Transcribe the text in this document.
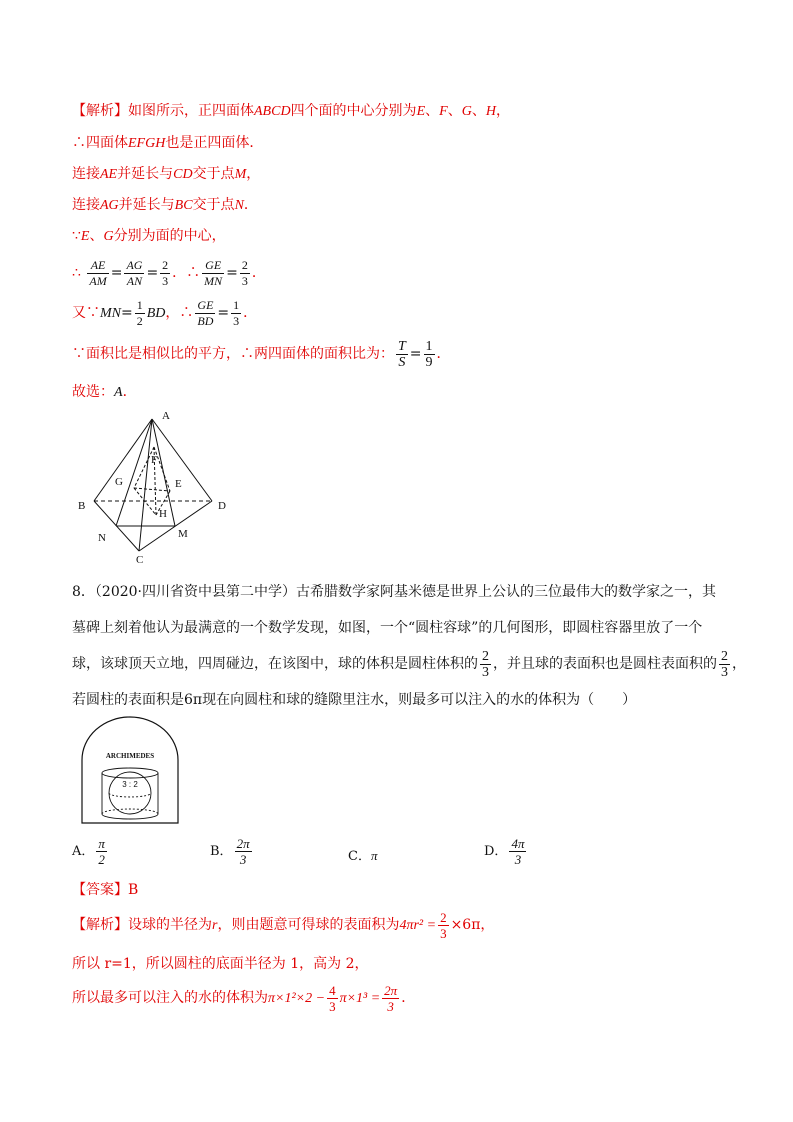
【解析】如图所示，正四面体ABCD四个面的中心分别为E、F、G、H，
∴四面体EFGH也是正四面体．
连接AE并延长与CD交于点M，
连接AG并延长与BC交于点N．
∵E、G分别为面的中心，
∴ $\frac{AE}{AM} = \frac{AG}{AN} = \frac{2}{3}$ ．∴ $\frac{GE}{MN} = \frac{2}{3}$ ．
又∵MN= $\frac{1}{2}$ BD，∴ $\frac{GE}{BD} = \frac{1}{3}$ ．
∵面积比是相似比的平方，∴两四面体的面积比为： $\frac{T}{S} = \frac{1}{9}$ ．
故选：A．
A
B
C
D
E
F
G
H
M
N
8．（2020·四川省资中县第二中学）古希腊数学家阿基米德是世界上公认的三位最伟大的数学家之一，其
墓碑上刻着他认为最满意的一个数学发现，如图，一个“圆柱容球”的几何图形，即圆柱容器里放了一个
球，该球顶天立地，四周碰边，在该图中，球的体积是圆柱体积的 $\frac{2}{3}$ ，并且球的表面积也是圆柱表面积的 $\frac{2}{3}$ ，
若圆柱的表面积是6π现在向圆柱和球的缝隙里注水，则最多可以注入的水的体积为（　　）
ARCHIMEDES
3 : 2
A． $\frac{\pi}{2}$	B． $\frac{2\pi}{3}$	C．π	D． $\frac{4\pi}{3}$
【答案】B
【解析】设球的半径为r，则由题意可得球的表面积为$4\pi r^2 = \frac{2}{3} \times 6\pi$，
所以 r=1，所以圆柱的底面半径为 1，高为 2，
所以最多可以注入的水的体积为$\pi\times 1^2\times 2 - \frac{4}{3} \pi\times 1^3 = \frac{2\pi}{3}$ ．
